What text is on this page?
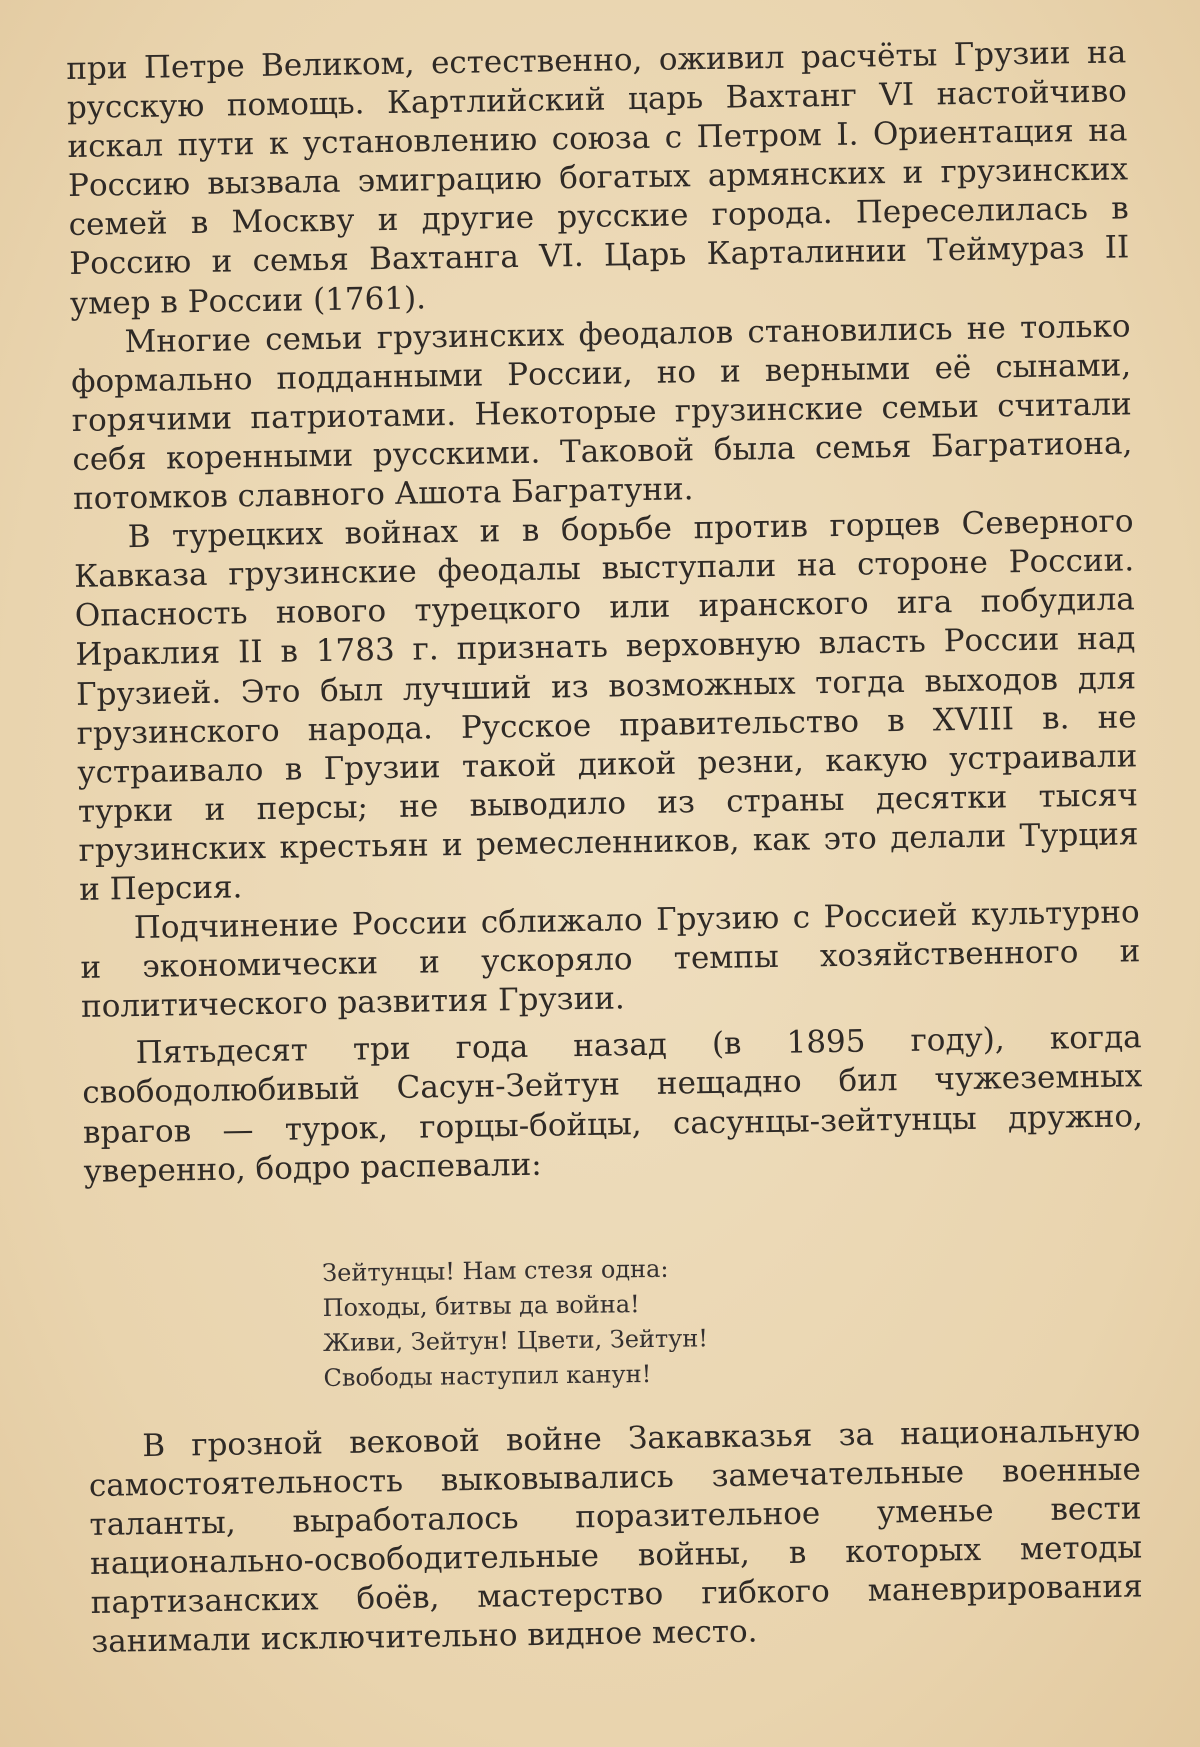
при Петре Великом, естественно, оживил расчёты Грузии на русскую помощь. Картлийский царь Вахтанг VI настойчиво искал пути к установлению союза с Петром I. Ориентация на Россию вызвала эмиграцию богатых армянских и грузинских семей в Москву и другие русские города. Переселилась в Россию и семья Вахтанга VI. Царь Карталинии Теймураз II умер в России (1761).

Многие семьи грузинских феодалов становились не только формально подданными России, но и верными её сынами, горячими патриотами. Некоторые грузинские семьи считали себя коренными русскими. Таковой была семья Багратиона, потомков славного Ашота Багратуни.

В турецких войнах и в борьбе против горцев Северного Кавказа грузинские феодалы выступали на стороне России. Опасность нового турецкого или иранского ига побудила Ираклия II в 1783 г. признать верховную власть России над Грузией. Это был лучший из возможных тогда выходов для грузинского народа. Русское правительство в XVIII в. не устраивало в Грузии такой дикой резни, какую устраивали турки и персы; не выводило из страны десятки тысяч грузинских крестьян и ремесленников, как это делали Турция и Персия.

Подчинение России сближало Грузию с Россией культурно и экономически и ускоряло темпы хозяйственного и политического развития Грузии.

Пятьдесят три года назад (в 1895 году), когда свободолюбивый Сасун-Зейтун нещадно бил чужеземных врагов — турок, горцы-бойцы, сасунцы-зейтунцы дружно, уверенно, бодро распевали:

Зейтунцы! Нам стезя одна:
Походы, битвы да война!
Живи, Зейтун! Цвети, Зейтун!
Свободы наступил канун!

В грозной вековой войне Закавказья за национальную самостоятельность выковывались замечательные военные таланты, выработалось поразительное уменье вести национально-освободительные войны, в которых методы партизанских боёв, мастерство гибкого маневрирования занимали исключительно видное место.
